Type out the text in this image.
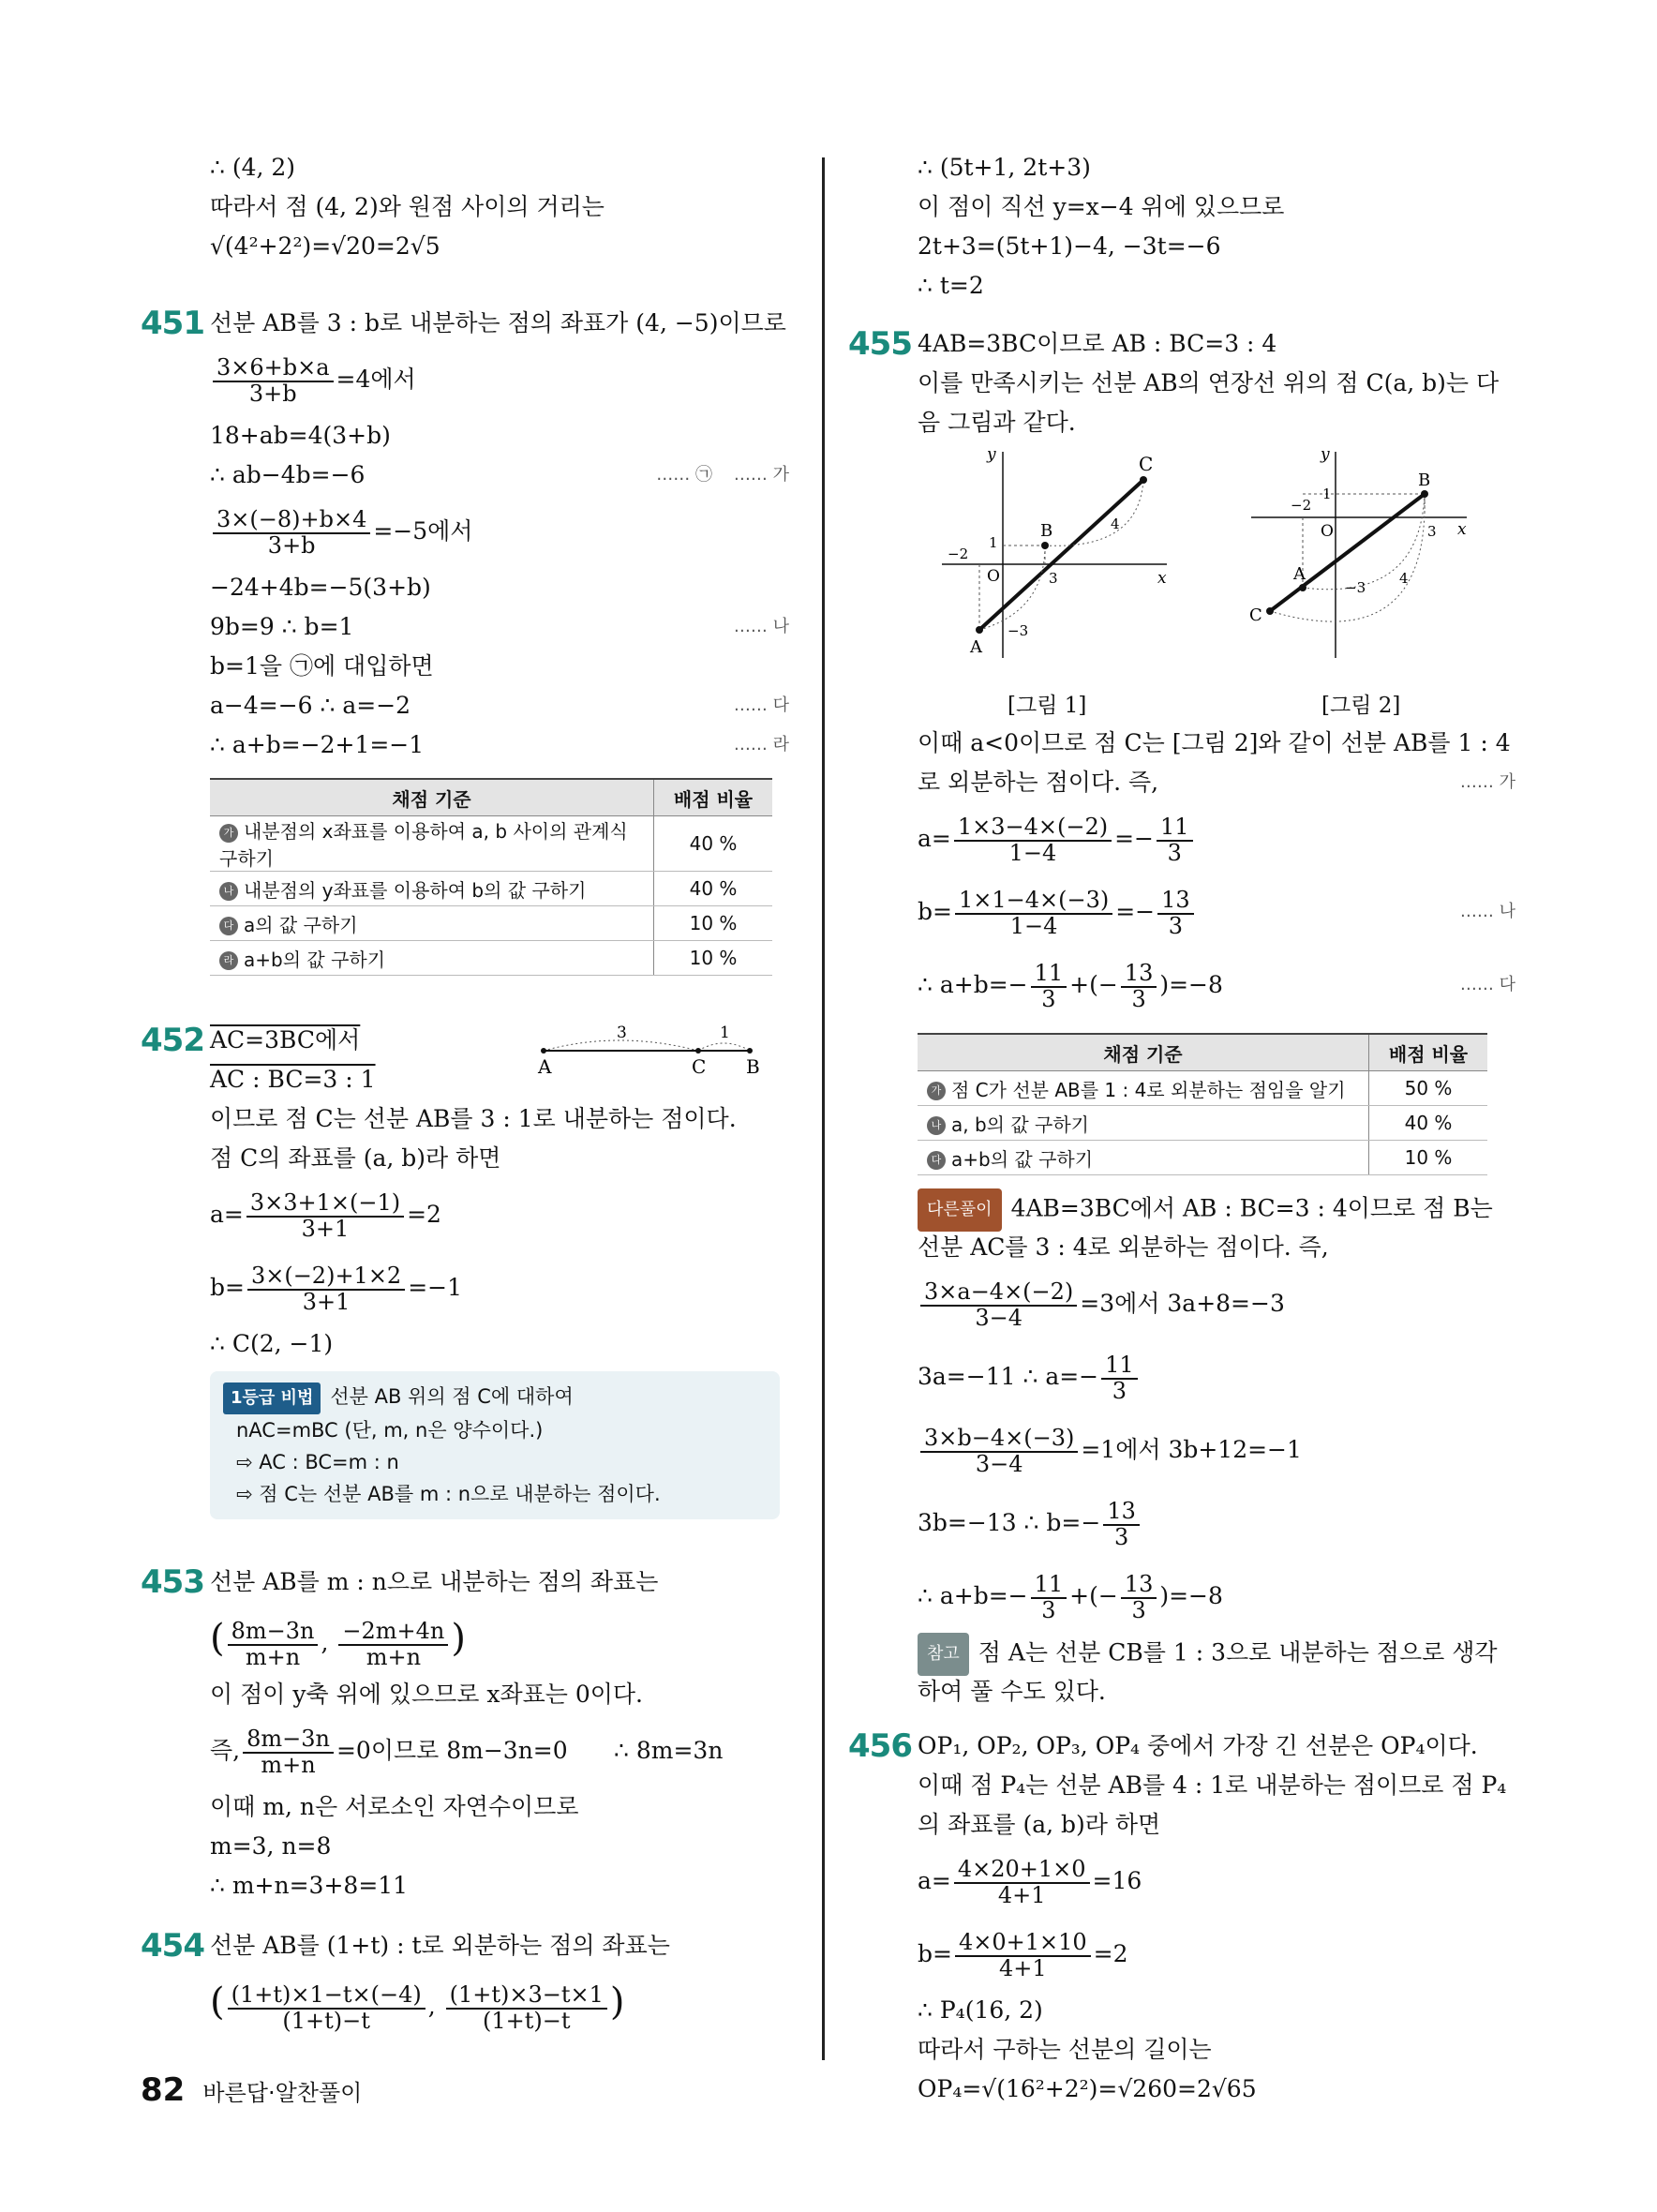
∴ (4, 2)
따라서 점 (4, 2)와 원점 사이의 거리는
√(4²+2²)=√20=2√5
451 선분 AB를 3 : b로 내분하는 점의 좌표가 (4, −5)이므로
$\frac{3\times 6+b\times a}{3+b} =4$에서
18+ab=4(3+b)
∴ ab−4b=−6	…… ㉠ …… 가
$\frac{3\times(-8)+b\times 4}{3+b} =-5$에서
−24+4b=−5(3+b)
9b=9 ∴ b=1	…… 나
b=1을 ㉠에 대입하면
a−4=−6 ∴ a=−2	…… 다
∴ a+b=−2+1=−1	…… 라
채점 기준	배점 비율
가 내분점의 x좌표를 이용하여 a, b 사이의 관계식 구하기	40 %
나 내분점의 y좌표를 이용하여 b의 값 구하기	40 %
다 a의 값 구하기	10 %
라 a+b의 값 구하기	10 %
452 AC=3BC에서
A	C B
3	1
AC : BC=3 : 1
이므로 점 C는 선분 AB를 3 : 1로 내분하는 점이다.
점 C의 좌표를 (a, b)라 하면
$a= \frac{3\times 3+1\times(-1)}{3+1} =2$
$b= \frac{3\times(-2)+1\times 2}{3+1} =-1$
∴ C(2, −1)
1등급 비법 선분 AB 위의 점 C에 대하여
nAC=mBC (단, m, n은 양수이다.)
⇨ AC : BC=m : n
⇨ 점 C는 선분 AB를 m : n으로 내분하는 점이다.
453 선분 AB를 m : n으로 내분하는 점의 좌표는
( $\frac{8m-3n}{m+n}$ , $\frac{-2m+4n}{m+n}$ )
이 점이 y축 위에 있으므로 x좌표는 0이다.
즉, $\frac{8m-3n}{m+n} =0$이므로 8m−3n=0 ∴ 8m=3n
이때 m, n은 서로소인 자연수이므로
m=3, n=8
∴ m+n=3+8=11
454 선분 AB를 (1+t) : t로 외분하는 점의 좌표는
( $\frac{(1+t)\times 1-t\times(-4)}{(1+t)-t}$ , $\frac{(1+t)\times 3-t\times 1}{(1+t)-t}$ )
∴ (5t+1, 2t+3)
이 점이 직선 y=x−4 위에 있으므로
2t+3=(5t+1)−4, −3t=−6
∴ t=2
455 4AB=3BC이므로 AB : BC=3 : 4
이를 만족시키는 선분 AB의 연장선 위의 점 C(a, b)는 다
음 그림과 같다.
y
x
C
B
A
O
−2
1
3
−3
4
y
x
B
A
C
O
−2
1
3
−3
4
[그림 1]	[그림 2]
이때 a<0이므로 점 C는 [그림 2]와 같이 선분 AB를 1 : 4
로 외분하는 점이다. 즉,	…… 가
$a= \frac{1\times 3-4\times(-2)}{1-4} =- \frac{11}{3}$
$b= \frac{1\times 1-4\times(-3)}{1-4} =- \frac{13}{3}$	…… 나
∴ $a+b=- \frac{11}{3}$ +(− $\frac{13}{3} )=-8$	…… 다
채점 기준	배점 비율
가 점 C가 선분 AB를 1 : 4로 외분하는 점임을 알기	50 %
나 a, b의 값 구하기	40 %
다 a+b의 값 구하기	10 %
다른풀이 4AB=3BC에서 AB : BC=3 : 4이므로 점 B는
선분 AC를 3 : 4로 외분하는 점이다. 즉,
$\frac{3\times a-4\times(-2)}{3-4} =3$에서 3a+8=−3
3a=−11 ∴ $a=- \frac{11}{3}$
$\frac{3\times b-4\times(-3)}{3-4} =1$에서 3b+12=−1
3b=−13 ∴ $b=- \frac{13}{3}$
∴ $a+b=- \frac{11}{3}$ +(− $\frac{13}{3} )=-8$
참고 점 A는 선분 CB를 1 : 3으로 내분하는 점으로 생각
하여 풀 수도 있다.
456 OP₁, OP₂, OP₃, OP₄ 중에서 가장 긴 선분은 OP₄이다.
이때 점 P₄는 선분 AB를 4 : 1로 내분하는 점이므로 점 P₄
의 좌표를 (a, b)라 하면
$a= \frac{4\times 20+1\times 0}{4+1} =16$
$b= \frac{4\times 0+1\times 10}{4+1} =2$
∴ P₄(16, 2)
따라서 구하는 선분의 길이는
OP₄=√(16²+2²)=√260=2√65
82 바른답·알찬풀이
